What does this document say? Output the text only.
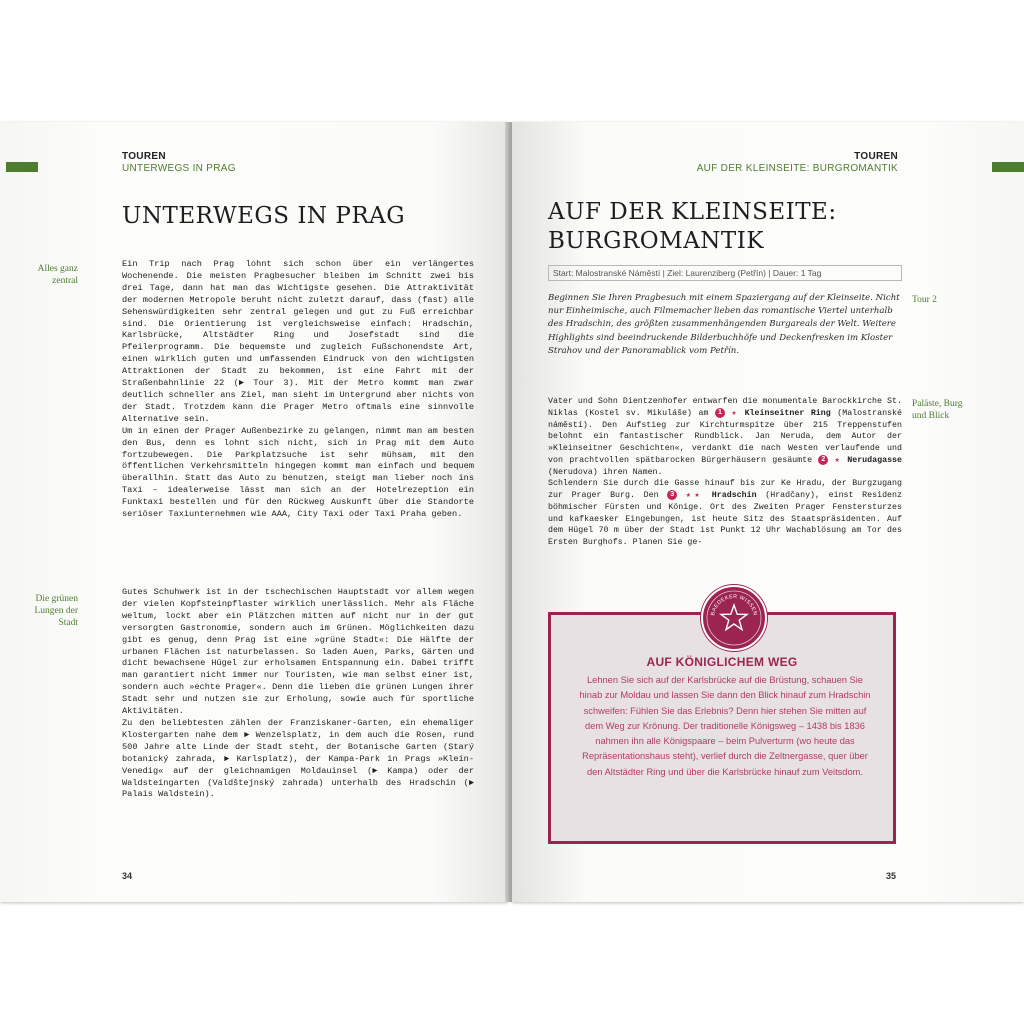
TOUREN
UNTERWEGS IN PRAG
UNTERWEGS IN PRAG
Alles ganz zentral
Die grünen Lungen der Stadt

Ein Trip nach Prag lohnt sich schon über ein verlängertes Wochenende. Die meisten Pragbesucher bleiben im Schnitt zwei bis drei Tage, dann hat man das Wichtigste gesehen. Die Attraktivität der modernen Metropole beruht nicht zuletzt darauf, dass (fast) alle Sehenswürdigkeiten sehr zentral gelegen und gut zu Fuß erreichbar sind. Die Orientierung ist vergleichsweise einfach: Hradschin, Karlsbrücke, Altstädter Ring und Josefstadt sind die Pfeilerprogramm. Die bequemste und zugleich Fußschonendste Art, einen wirklich guten und umfassenden Eindruck von den wichtigsten Attraktionen der Stadt zu bekommen, ist eine Fahrt mit der Straßenbahnlinie 22 (► Tour 3). Mit der Metro kommt man zwar deutlich schneller ans Ziel, man sieht im Untergrund aber nichts von der Stadt. Trotzdem kann die Prager Metro oftmals eine sinnvolle Alternative sein.

Um in einen der Prager Außenbezirke zu gelangen, nimmt man am besten den Bus, denn es lohnt sich nicht, sich in Prag mit dem Auto fortzubewegen. Die Parkplatzsuche ist sehr mühsam, mit den öffentlichen Verkehrsmitteln hingegen kommt man einfach und bequem überallhin. Statt das Auto zu benutzen, steigt man lieber noch ins Taxi – idealerweise lässt man sich an der Hotelrezeption ein Funktaxi bestellen und für den Rückweg Auskunft über die Standorte seriöser Taxiunternehmen wie AAA, City Taxi oder Taxi Praha geben.

Gutes Schuhwerk ist in der tschechischen Hauptstadt vor allem wegen der vielen Kopfsteinpflaster wirklich unerlässlich. Mehr als Fläche weltum, lockt aber ein Plätzchen mitten auf nicht nur in der gut versorgten Gastronomie, sondern auch im Grünen. Möglichkeiten dazu gibt es genug, denn Prag ist eine »grüne Stadt«: Die Hälfte der urbanen Flächen ist naturbelassen. So laden Auen, Parks, Gärten und dicht bewachsene Hügel zur erholsamen Entspannung ein. Dabei trifft man garantiert nicht immer nur Touristen, wie man selbst einer ist, sondern auch »echte Prager«. Denn die lieben die grünen Lungen ihrer Stadt sehr und nutzen sie zur Erholung, sowie auch für sportliche Aktivitäten.

Zu den beliebtesten zählen der Franziskaner-Garten, ein ehemaliger Klostergarten nahe dem ► Wenzelsplatz, in dem auch die Rosen, rund 500 Jahre alte Linde der Stadt steht, der Botanische Garten (Starý botanický zahrada, ► Karlsplatz), der Kampa-Park in Prags »Klein-Venedig« auf der gleichnamigen Moldauinsel (► Kampa) oder der Waldsteingarten (Valdštejnský zahrada) unterhalb des Hradschin (► Palais Waldstein).

34
TOUREN
AUF DER KLEINSEITE: BURGROMANTIK
AUF DER KLEINSEITE:
BURGROMANTIK
Start: Malostranské Náměstí | Ziel: Laurenziberg (Petřín) | Dauer: 1 Tag
Tour 2
Paläste, Burg und Blick
Beginnen Sie Ihren Pragbesuch mit einem Spaziergang auf der Kleinseite. Nicht nur Einheimische, auch Filmemacher lieben das romantische Viertel unterhalb des Hradschin, des größten zusammenhängenden Burgareals der Welt. Weitere Highlights sind beeindruckende Bilderbuchhöfe und Deckenfresken im Kloster Strahov und der Panoramablick vom Petřín.
Vater und Sohn Dientzenhofer entwarfen die monumentale Barockkirche St. Niklas (Kostel sv. Mikuláše) am 1 ★ Kleinseitner Ring (Malostranské náměstí). Den Aufstieg zur Kirchturmspitze über 215 Treppenstufen belohnt ein fantastischer Rundblick. Jan Neruda, dem Autor der »Kleinseitner Geschichten«, verdankt die nach Westen verlaufende und von prachtvollen spätbarocken Bürgerhäusern gesäumte 2 ★ Nerudagasse (Nerudova) ihren Namen.
Schlendern Sie durch die Gasse hinauf bis zur Ke Hradu, der Burgzugang zur Prager Burg. Den 3 ★★ Hradschin (Hradčany), einst Residenz böhmischer Fürsten und Könige. Ort des Zweiten Prager Fenstersturzes und kafkaesker Eingebungen, ist heute Sitz des Staatspräsidenten. Auf dem Hügel 70 m über der Stadt ist Punkt 12 Uhr Wachablösung am Tor des Ersten Burghofs. Planen Sie ge-
BAEDEKER WISSEN
AUF KÖNIGLICHEM WEG
Lehnen Sie sich auf der Karlsbrücke auf die Brüstung, schauen Sie hinab zur Moldau und lassen Sie dann den Blick hinauf zum Hradschin schweifen: Fühlen Sie das Erlebnis? Denn hier stehen Sie mitten auf dem Weg zur Krönung. Der traditionelle Königsweg – 1438 bis 1836 nahmen ihn alle Königspaare – beim Pulverturm (wo heute das Repräsentationshaus steht), verlief durch die Zeltnergasse, quer über den Altstädter Ring und über die Karlsbrücke hinauf zum Veitsdom.
35
